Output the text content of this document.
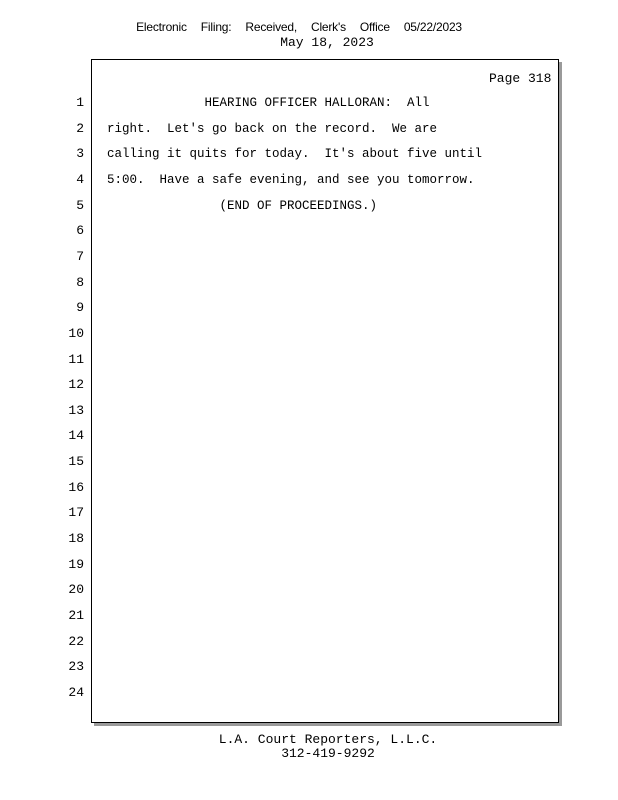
Electronic Filing: Received, Clerk's Office 05/22/2023
May 18, 2023
Page 318
1
2
3
4
5
6
7
8
9
10
11
12
13
14
15
16
17
18
19
20
21
22
23
24
HEARING OFFICER HALLORAN:  All
right.  Let's go back on the record.  We are
calling it quits for today.  It's about five until
5:00.  Have a safe evening, and see you tomorrow.
(END OF PROCEEDINGS.)
L.A. Court Reporters, L.L.C.
312-419-9292
